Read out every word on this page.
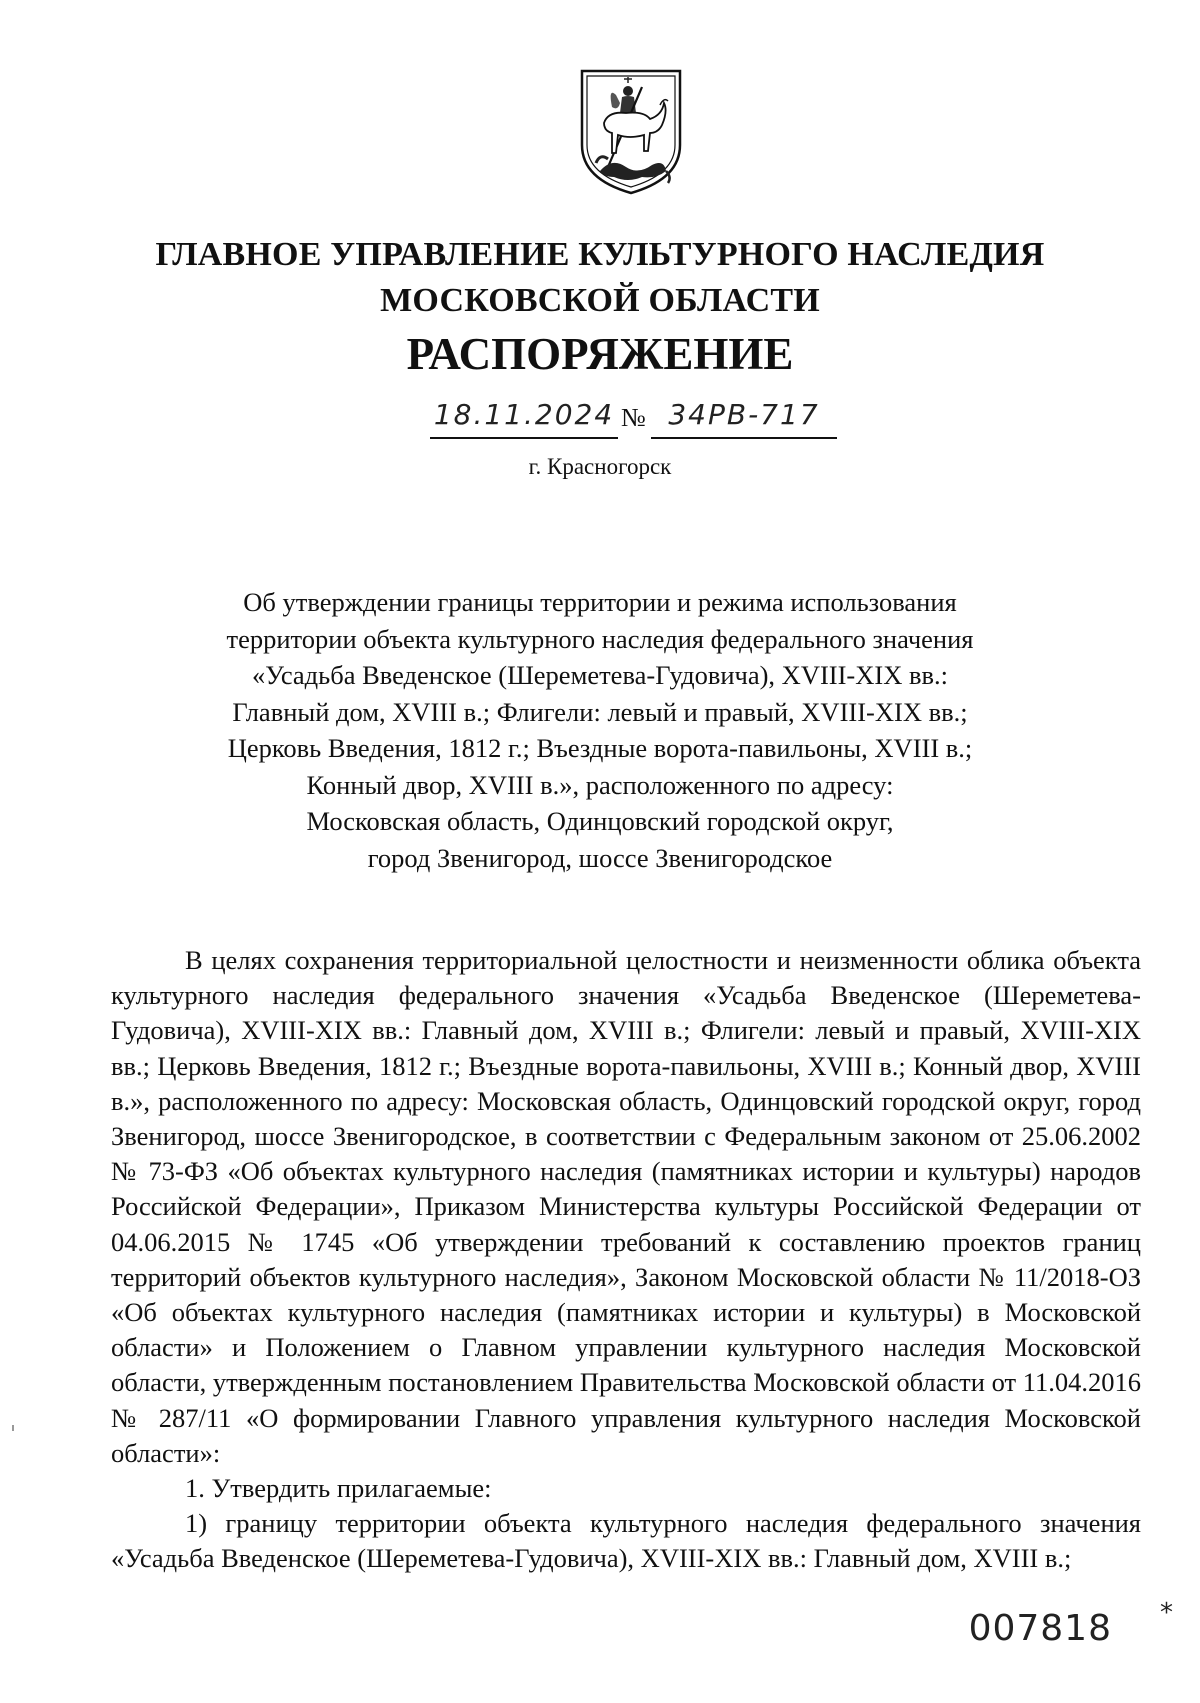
ГЛАВНОЕ УПРАВЛЕНИЕ КУЛЬТУРНОГО НАСЛЕДИЯ
МОСКОВСКОЙ ОБЛАСТИ
РАСПОРЯЖЕНИЕ
18.11.2024 № 34РВ-717
г. Красногорск
Об утверждении границы территории и режима использования
территории объекта культурного наследия федерального значения
«Усадьба Введенское (Шереметева-Гудовича), XVIII-XIX вв.:
Главный дом, XVIII в.; Флигели: левый и правый, XVIII-XIX вв.;
Церковь Введения, 1812 г.; Въездные ворота-павильоны, XVIII в.;
Конный двор, XVIII в.», расположенного по адресу:
Московская область, Одинцовский городской округ,
город Звенигород, шоссе Звенигородское

В целях сохранения территориальной целостности и неизменности облика объекта культурного наследия федерального значения «Усадьба Введенское (Шереметева-Гудовича), XVIII-XIX вв.: Главный дом, XVIII в.; Флигели: левый и правый, XVIII-XIX вв.; Церковь Введения, 1812 г.; Въездные ворота-павильоны, XVIII в.; Конный двор, XVIII в.», расположенного по адресу: Московская область, Одинцовский городской округ, город Звенигород, шоссе Звенигородское, в соответствии с Федеральным законом от 25.06.2002 № 73-ФЗ «Об объектах культурного наследия (памятниках истории и культуры) народов Российской Федерации», Приказом Министерства культуры Российской Федерации от 04.06.2015 № 1745 «Об утверждении требований к составлению проектов границ территорий объектов культурного наследия», Законом Московской области № 11/2018-ОЗ «Об объектах культурного наследия (памятниках истории и культуры) в Московской области» и Положением о Главном управлении культурного наследия Московской области, утвержденным постановлением Правительства Московской области от 11.04.2016 № 287/11 «О формировании Главного управления культурного наследия Московской области»:

1. Утвердить прилагаемые:

1) границу территории объекта культурного наследия федерального значения «Усадьба Введенское (Шереметева-Гудовича), XVIII-XIX вв.: Главный дом, XVIII в.;

007818 *
